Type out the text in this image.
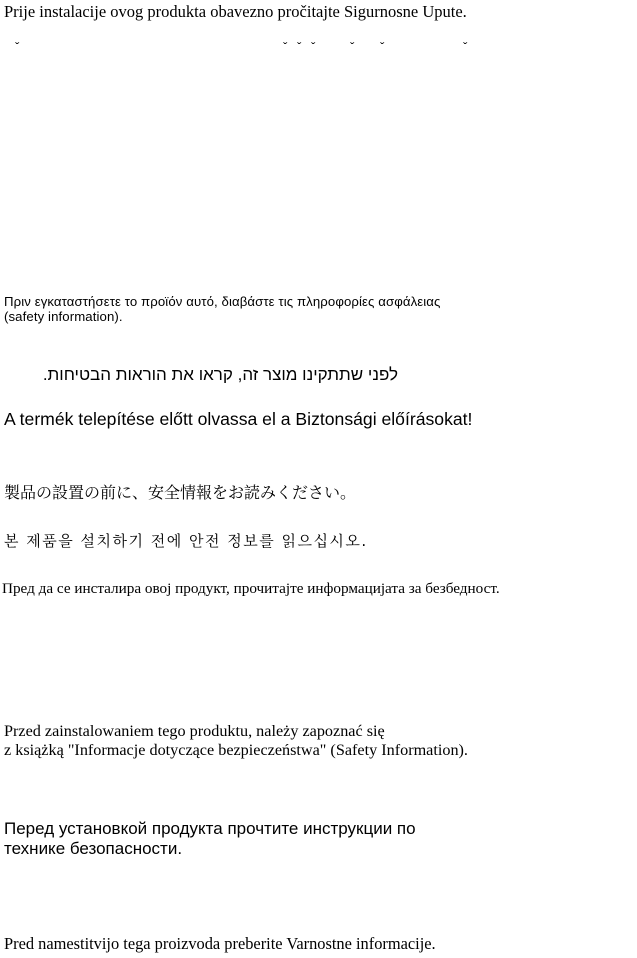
Prije instalacije ovog produkta obavezno pročitajte Sigurnosne Upute.
ˇ	ˇ ˇ ˇ	ˇ ˇ	ˇ
Πριν εγκαταστήσετε το προϊόν αυτό, διαβάστε τις πληροφορίες ασφάλειας
(safety information).
לפני שתתקינו מוצר זה, קראו את הוראות הבטיחות.
A termék telepítése előtt olvassa el a Biztonsági előírásokat!
製品の設置の前に、安全情報をお読みください。
본 제품을 설치하기 전에 안전 정보를 읽으십시오.
Пред да се инсталира овој продукт, прочитајте информацијата за безбедност.
Przed zainstalowaniem tego produktu, należy zapoznać się
z książką "Informacje dotyczące bezpieczeństwa" (Safety Information).
Перед установкой продукта прочтите инструкции по
технике безопасности.
Pred namestitvijo tega proizvoda preberite Varnostne informacije.
